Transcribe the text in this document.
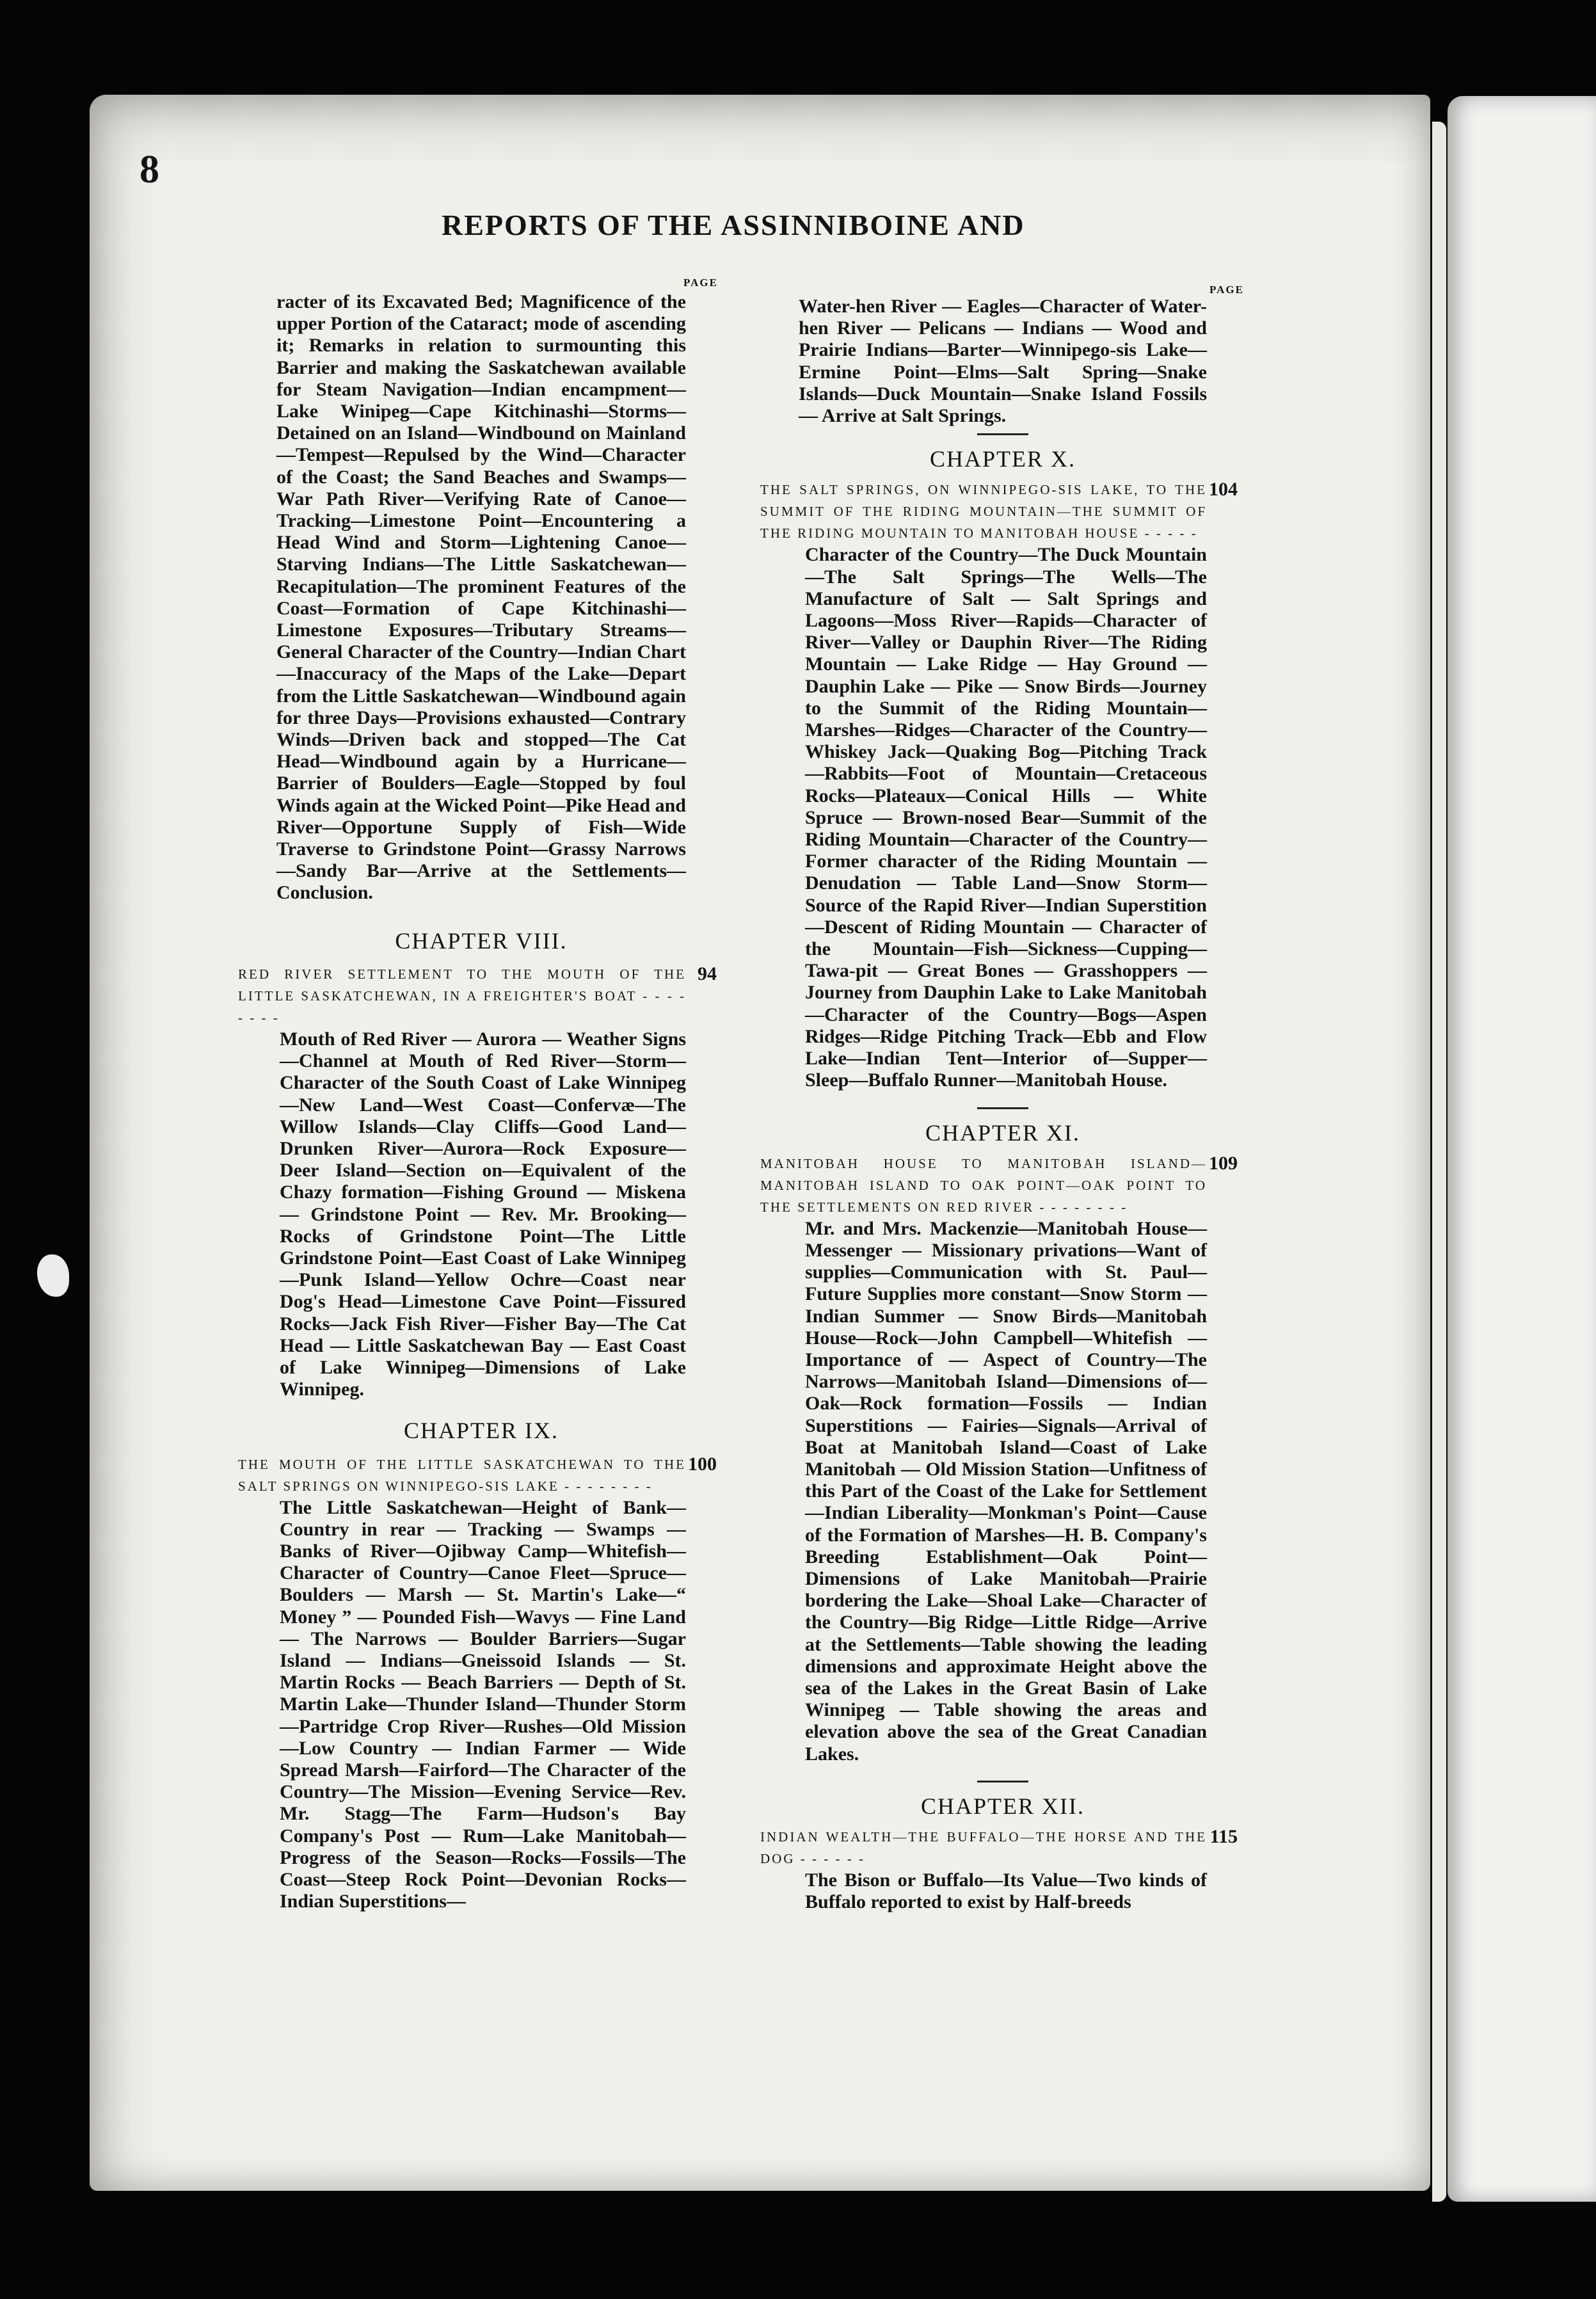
8
REPORTS OF THE ASSINNIBOINE AND
PAGE
PAGE

racter of its Excavated Bed; Magnificence of the upper Portion of the Cataract; mode of ascending it; Remarks in relation to surmounting this Barrier and making the Saskatchewan available for Steam Navigation—Indian encampment—Lake Winipeg—Cape Kitchinashi—Storms—Detained on an Island—Windbound on Mainland—Tempest—Repulsed by the Wind—Character of the Coast; the Sand Beaches and Swamps—War Path River—Verifying Rate of Canoe—Tracking—Limestone Point—Encountering a Head Wind and Storm—Lightening Canoe—Starving Indians—The Little Saskatchewan—Recapitulation—The prominent Features of the Coast—Formation of Cape Kitchinashi—Limestone Exposures—Tributary Streams—General Character of the Country—Indian Chart—Inaccuracy of the Maps of the Lake—Depart from the Little Saskatchewan—Windbound again for three Days—Provisions exhausted—Contrary Winds—Driven back and stopped—The Cat Head—Windbound again by a Hurricane—Barrier of Boulders—Eagle—Stopped by foul Winds again at the Wicked Point—Pike Head and River—Opportune Supply of Fish—Wide Traverse to Grindstone Point—Grassy Narrows—Sandy Bar—Arrive at the Settlements—Conclusion.

CHAPTER VIII.
94
RED RIVER SETTLEMENT TO THE MOUTH OF THE LITTLE SASKATCHEWAN, IN A FREIGHTER'S BOAT - - - - - - - -

Mouth of Red River — Aurora — Weather Signs—Channel at Mouth of Red River—Storm—Character of the South Coast of Lake Winnipeg—New Land—West Coast—Confervæ—The Willow Islands—Clay Cliffs—Good Land—Drunken River—Aurora—Rock Exposure—Deer Island—Section on—Equivalent of the Chazy formation—Fishing Ground — Miskena — Grindstone Point — Rev. Mr. Brooking—Rocks of Grindstone Point—The Little Grindstone Point—East Coast of Lake Winnipeg—Punk Island—Yellow Ochre—Coast near Dog's Head—Limestone Cave Point—Fissured Rocks—Jack Fish River—Fisher Bay—The Cat Head — Little Saskatchewan Bay — East Coast of Lake Winnipeg—Dimensions of Lake Winnipeg.

CHAPTER IX.
100
THE MOUTH OF THE LITTLE SASKATCHEWAN TO THE SALT SPRINGS ON WINNIPEGO-SIS LAKE - - - - - - - -

The Little Saskatchewan—Height of Bank—Country in rear — Tracking — Swamps — Banks of River—Ojibway Camp—Whitefish—Character of Country—Canoe Fleet—Spruce—Boulders — Marsh — St. Martin's Lake—“ Money ” — Pounded Fish—Wavys — Fine Land — The Narrows — Boulder Barriers—Sugar Island — Indians—Gneissoid Islands — St. Martin Rocks — Beach Barriers — Depth of St. Martin Lake—Thunder Island—Thunder Storm—Partridge Crop River—Rushes—Old Mission—Low Country — Indian Farmer — Wide Spread Marsh—Fairford—The Character of the Country—The Mission—Evening Service—Rev. Mr. Stagg—The Farm—Hudson's Bay Company's Post — Rum—Lake Manitobah—Progress of the Season—Rocks—Fossils—The Coast—Steep Rock Point—Devonian Rocks—Indian Superstitions—

Water-hen River — Eagles—Character of Water-hen River — Pelicans — Indians — Wood and Prairie Indians—Barter—Winnipego-sis Lake—Ermine Point—Elms—Salt Spring—Snake Islands—Duck Mountain—Snake Island Fossils — Arrive at Salt Springs.

CHAPTER X.
104
THE SALT SPRINGS, ON WINNIPEGO-SIS LAKE, TO THE SUMMIT OF THE RIDING MOUNTAIN—THE SUMMIT OF THE RIDING MOUNTAIN TO MANITOBAH HOUSE - - - - -

Character of the Country—The Duck Mountain—The Salt Springs—The Wells—The Manufacture of Salt — Salt Springs and Lagoons—Moss River—Rapids—Character of River—Valley or Dauphin River—The Riding Mountain — Lake Ridge — Hay Ground — Dauphin Lake — Pike — Snow Birds—Journey to the Summit of the Riding Mountain—Marshes—Ridges—Character of the Country—Whiskey Jack—Quaking Bog—Pitching Track—Rabbits—Foot of Mountain—Cretaceous Rocks—Plateaux—Conical Hills — White Spruce — Brown-nosed Bear—Summit of the Riding Mountain—Character of the Country—Former character of the Riding Mountain — Denudation — Table Land—Snow Storm—Source of the Rapid River—Indian Superstition—Descent of Riding Mountain — Character of the Mountain—Fish—Sickness—Cupping—Tawa-pit — Great Bones — Grasshoppers — Journey from Dauphin Lake to Lake Manitobah—Character of the Country—Bogs—Aspen Ridges—Ridge Pitching Track—Ebb and Flow Lake—Indian Tent—Interior of—Supper—Sleep—Buffalo Runner—Manitobah House.

CHAPTER XI.
109
MANITOBAH HOUSE TO MANITOBAH ISLAND—MANITOBAH ISLAND TO OAK POINT—OAK POINT TO THE SETTLEMENTS ON RED RIVER - - - - - - - -

Mr. and Mrs. Mackenzie—Manitobah House—Messenger — Missionary privations—Want of supplies—Communication with St. Paul—Future Supplies more constant—Snow Storm — Indian Summer — Snow Birds—Manitobah House—Rock—John Campbell—Whitefish — Importance of — Aspect of Country—The Narrows—Manitobah Island—Dimensions of—Oak—Rock formation—Fossils — Indian Superstitions — Fairies—Signals—Arrival of Boat at Manitobah Island—Coast of Lake Manitobah — Old Mission Station—Unfitness of this Part of the Coast of the Lake for Settlement—Indian Liberality—Monkman's Point—Cause of the Formation of Marshes—H. B. Company's Breeding Establishment—Oak Point—Dimensions of Lake Manitobah—Prairie bordering the Lake—Shoal Lake—Character of the Country—Big Ridge—Little Ridge—Arrive at the Settlements—Table showing the leading dimensions and approximate Height above the sea of the Lakes in the Great Basin of Lake Winnipeg — Table showing the areas and elevation above the sea of the Great Canadian Lakes.

CHAPTER XII.
115
INDIAN WEALTH—THE BUFFALO—THE HORSE AND THE DOG - - - - - -

The Bison or Buffalo—Its Value—Two kinds of Buffalo reported to exist by Half-breeds
